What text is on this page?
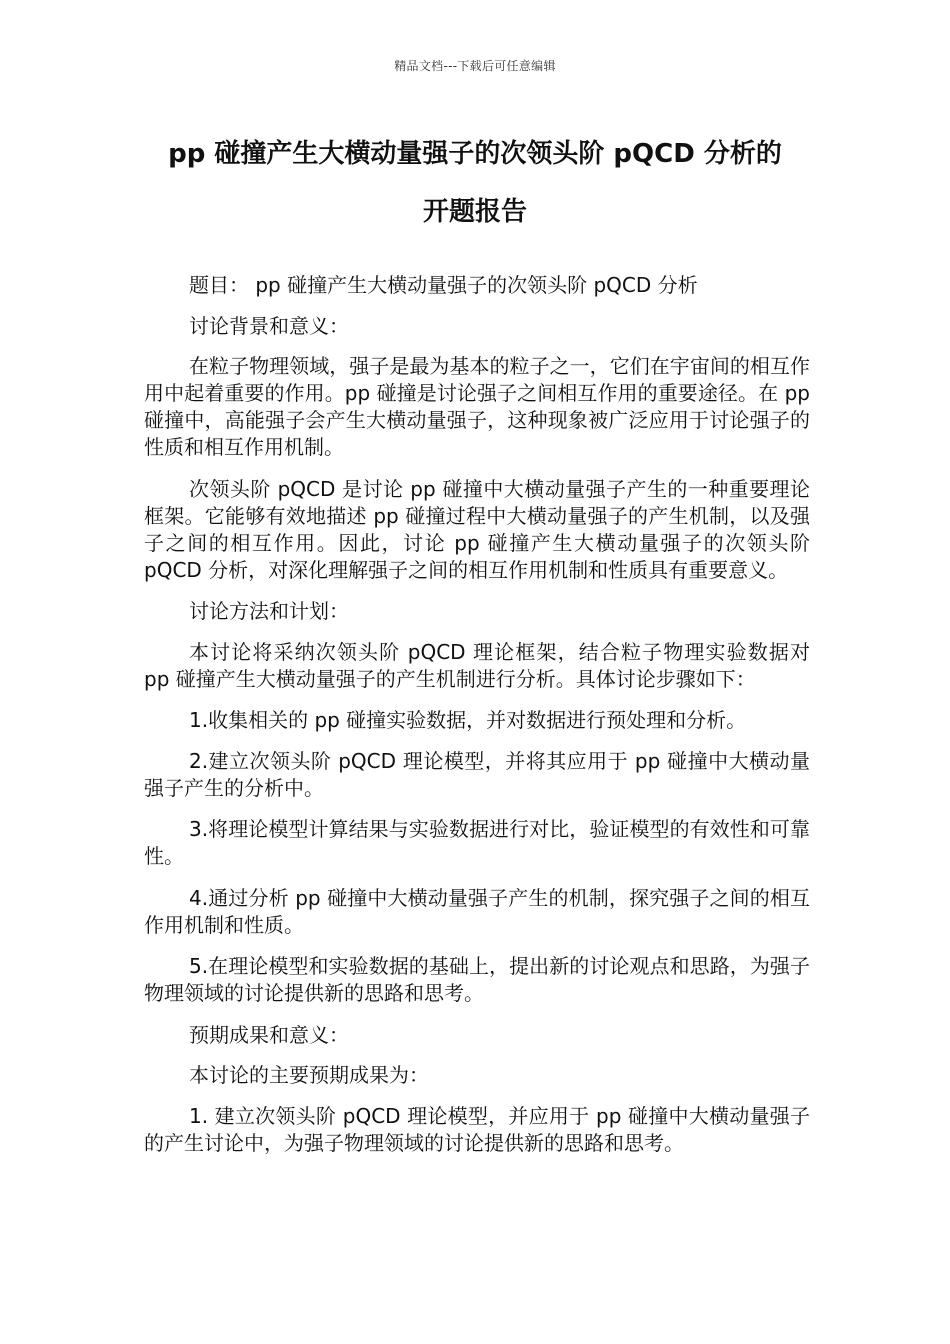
精品文档---下载后可任意编辑
pp 碰撞产生大横动量强子的次领头阶 pQCD 分析的
开题报告

题目： pp 碰撞产生大横动量强子的次领头阶 pQCD 分析

讨论背景和意义：

在粒子物理领域，强子是最为基本的粒子之一，它们在宇宙间的相互作用中起着重要的作用。pp 碰撞是讨论强子之间相互作用的重要途径。在 pp 碰撞中，高能强子会产生大横动量强子，这种现象被广泛应用于讨论强子的性质和相互作用机制。

次领头阶 pQCD 是讨论 pp 碰撞中大横动量强子产生的一种重要理论框架。它能够有效地描述 pp 碰撞过程中大横动量强子的产生机制，以及强子之间的相互作用。因此，讨论 pp 碰撞产生大横动量强子的次领头阶 pQCD 分析，对深化理解强子之间的相互作用机制和性质具有重要意义。

讨论方法和计划：

本讨论将采纳次领头阶 pQCD 理论框架，结合粒子物理实验数据对 pp 碰撞产生大横动量强子的产生机制进行分析。具体讨论步骤如下：

1.收集相关的 pp 碰撞实验数据，并对数据进行预处理和分析。

2.建立次领头阶 pQCD 理论模型，并将其应用于 pp 碰撞中大横动量强子产生的分析中。

3.将理论模型计算结果与实验数据进行对比，验证模型的有效性和可靠性。

4.通过分析 pp 碰撞中大横动量强子产生的机制，探究强子之间的相互作用机制和性质。

5.在理论模型和实验数据的基础上，提出新的讨论观点和思路，为强子物理领域的讨论提供新的思路和思考。

预期成果和意义：

本讨论的主要预期成果为：

1. 建立次领头阶 pQCD 理论模型，并应用于 pp 碰撞中大横动量强子的产生讨论中，为强子物理领域的讨论提供新的思路和思考。
